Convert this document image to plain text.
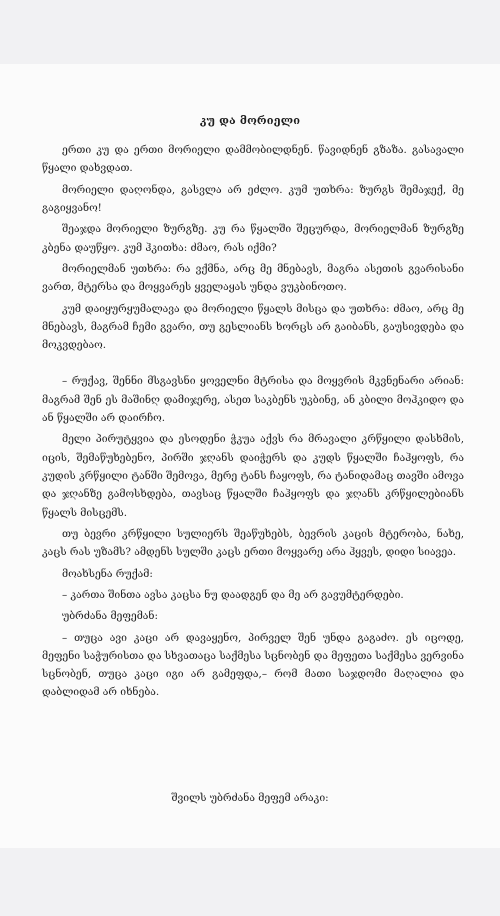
კუ და მორიელი

ერთი კუ და ერთი მორიელი დამმობილდნენ. წავიდნენ გზაზა. გასავალი წყალი დახვდათ.

მორიელი დაღონდა, გასვლა არ ეძლო. კუმ უთხრა: ზურგს შემაჯექ, მე გაგიყვანო!

შეაჯდა მორიელი ზურგზე. კუ რა წყალში შეცურდა, მორიელმან ზურგზე კბენა დაუწყო. კუმ ჰკითხა: ძმაო, რას იქმი?

მორიელმან უთხრა: რა ვქმნა, არც მე მნებავს, მაგრა ასეთის გვარისანი ვართ, მტერსა და მოყვარეს ყველაყას უნდა ვუკბინოთო.

კუმ დაიყურყუმალავა და მორიელი წყალს მისცა და უთხრა: ძმაო, არც მე მნებავს, მაგრამ ჩემი გვარი, თუ გესლიანს ხორცს არ გაიბანს, გაუსივდება და მოკვდებაო.

– რუქავ, შენნი მსგავსნი ყოველნი მტრისა და მოყვრის მკვნენარი არიან: მაგრამ შენ ეს მაშინღ დამიჯერე, ასეთ საკბენს უკბინე, ან კბილი მოჰკიდო და ან წყალში არ დაირჩო.

მელი პირუტყვია და ესოდენი ჭკუა აქვს რა მრავალი კრწყილი დასხმის, იცის, შემაწუხებენო, პირში ჯღანს დაიჭერს და კუდს წყალში ჩაჰყოფს, რა კუდის კრწყილი ტანში შემოვა, მერე ტანს ჩაყოფს, რა ტანიდამაც თავში ამოვა და ჯღანზე გამოსხდება, თავსაც წყალში ჩაჰყოფს და ჯღანს კრწყილებიანს წყალს მისცემს.

თუ ბევრი კრწყილი სულიერს შეაწუხებს, ბევრის კაცის მტერობა, ნახე, კაცს რას უზამს? ამდენს სულში კაცს ერთი მოყვარე არა ჰყვეს, დიდი სიავეა.

მოახსენა რუქამ:

– კართა შინთა ავსა კაცსა ნუ დაადგენ და მე არ გავუმტერდები.

უბრძანა მეფემან:

– თუცა ავი კაცი არ დავაყენო, პირველ შენ უნდა გაგაძო. ეს იცოდე, მეფენი საჭურისთა და სხვათაცა საქმესა სცნობენ და მეფეთა საქმესა ვერვინა სცნობენ, თუცა კაცი იგი არ გამეფდა,– რომ მათი საჯდომი მაღალია და დაბლიდამ არ იხნება.

შვილს უბრძანა მეფემ არაკი:
